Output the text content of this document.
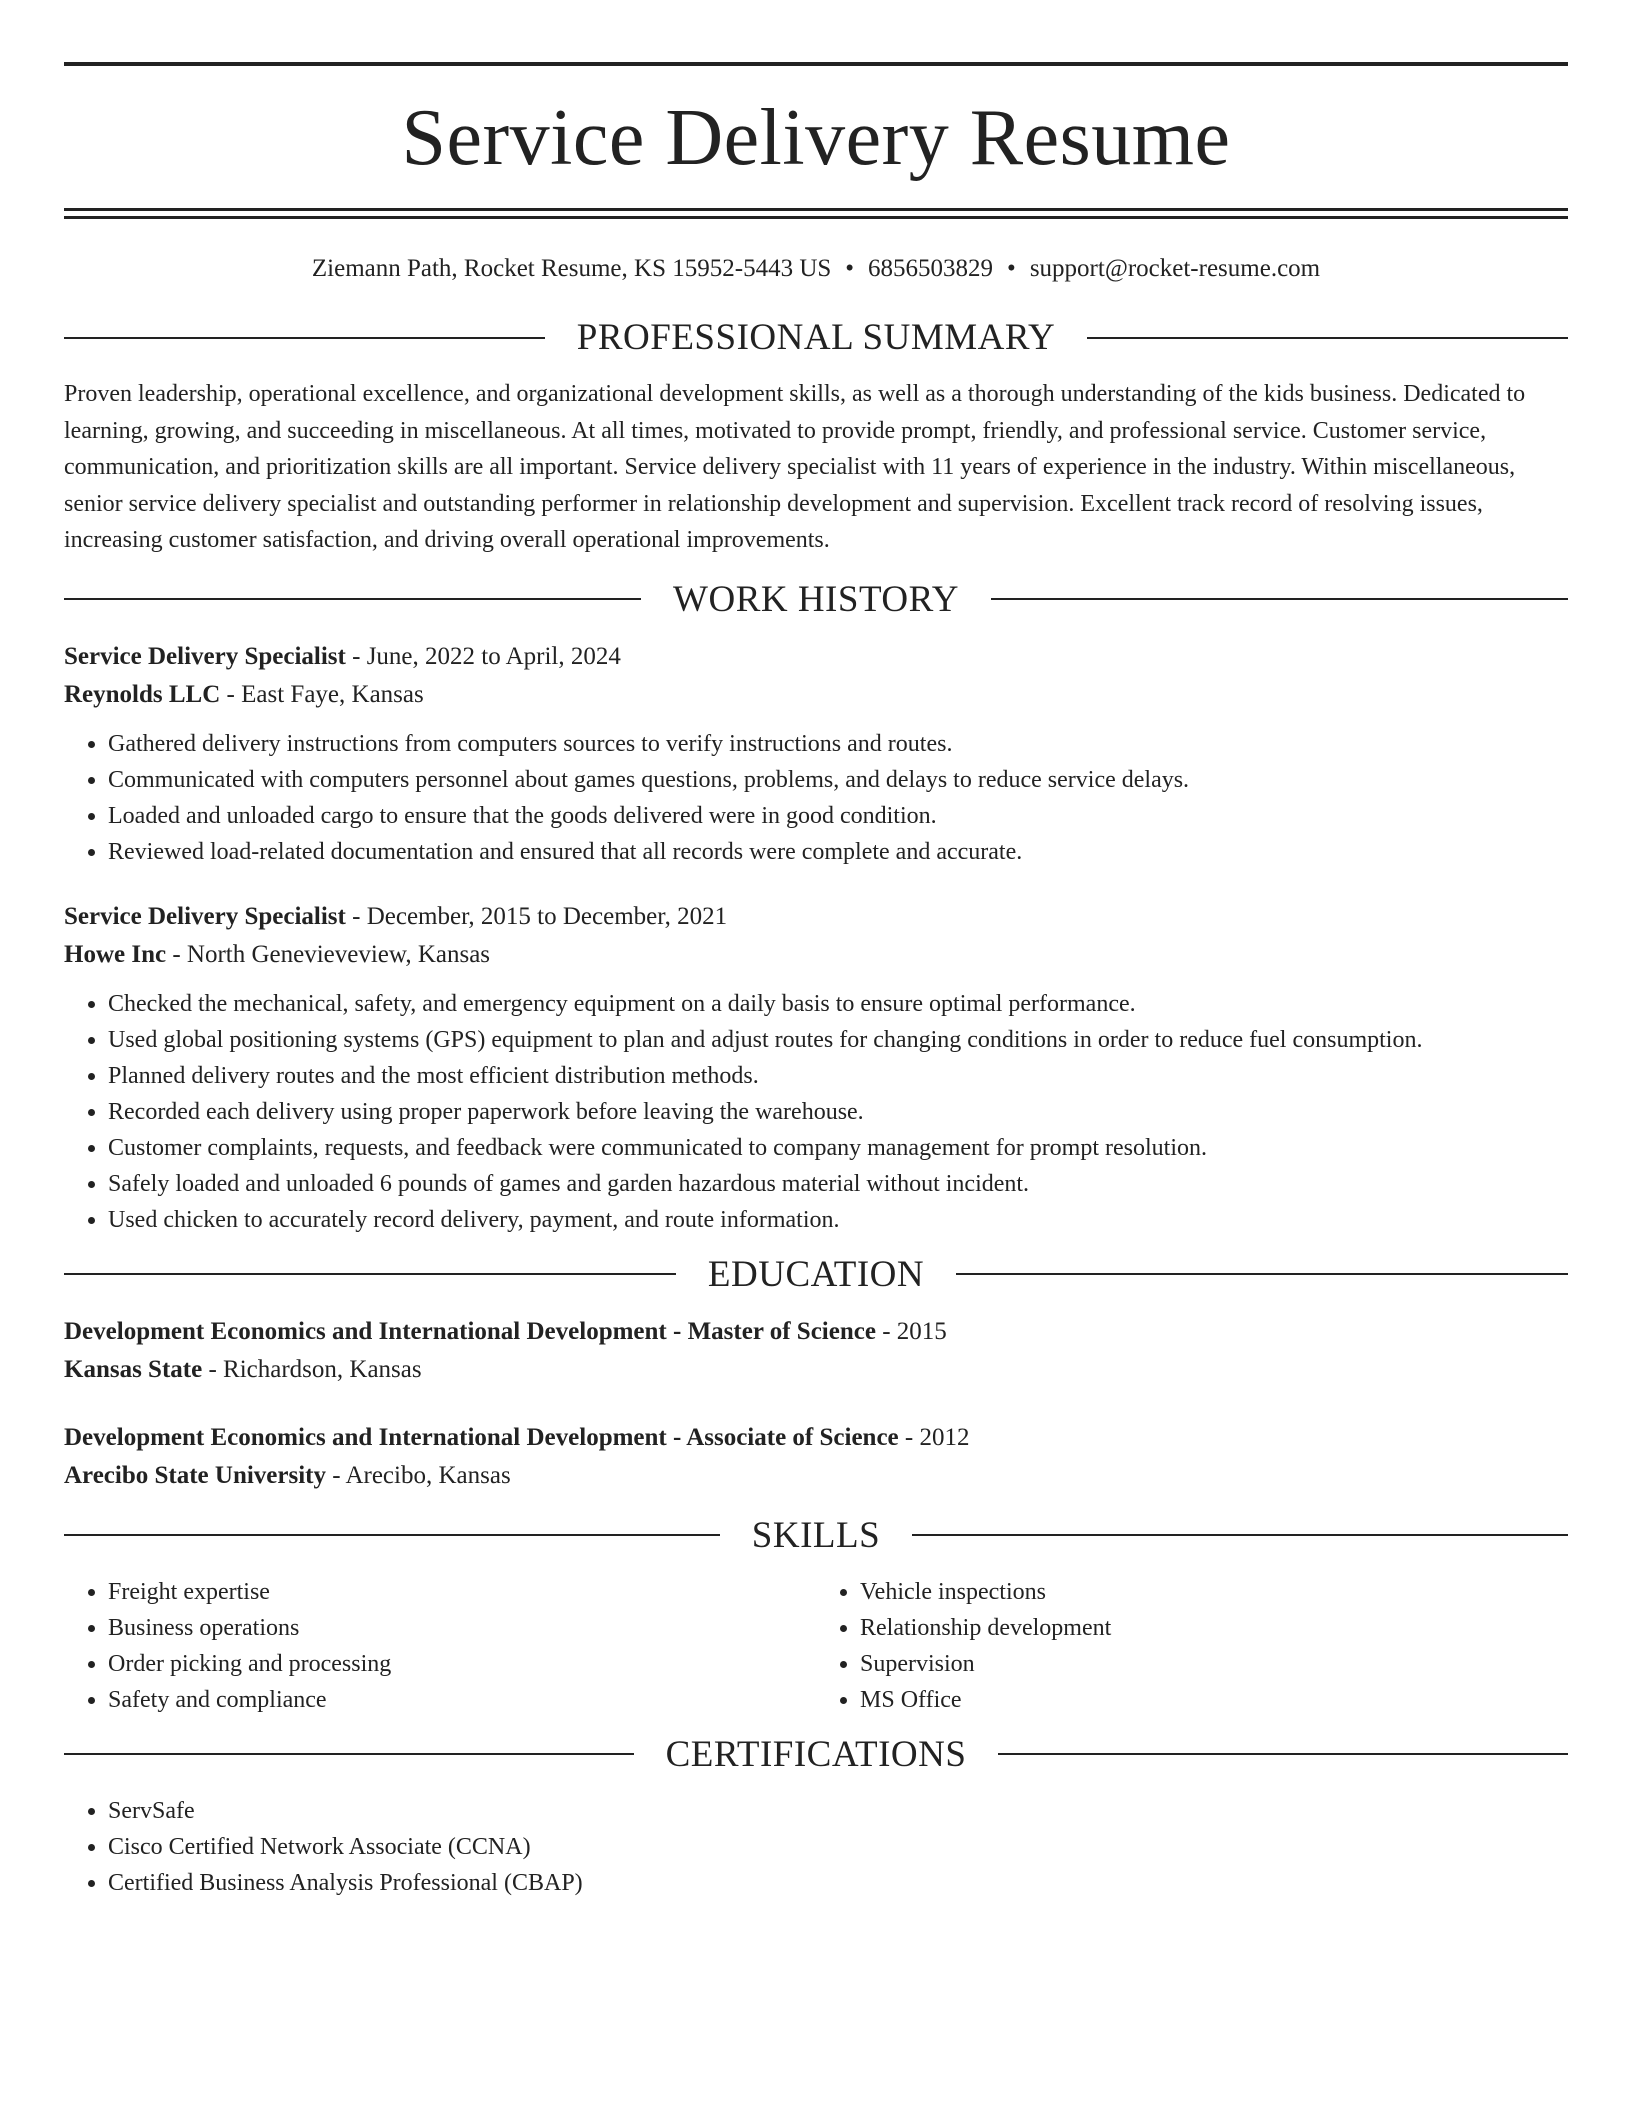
Service Delivery Resume
Ziemann Path, Rocket Resume, KS 15952-5443 US • 6856503829 • support@rocket-resume.com
PROFESSIONAL SUMMARY

Proven leadership, operational excellence, and organizational development skills, as well as a thorough understanding of the kids business. Dedicated to learning, growing, and succeeding in miscellaneous. At all times, motivated to provide prompt, friendly, and professional service. Customer service, communication, and prioritization skills are all important. Service delivery specialist with 11 years of experience in the industry. Within miscellaneous, senior service delivery specialist and outstanding performer in relationship development and supervision. Excellent track record of resolving issues, increasing customer satisfaction, and driving overall operational improvements.

WORK HISTORY
Service Delivery Specialist - June, 2022 to April, 2024
Reynolds LLC - East Faye, Kansas
• Gathered delivery instructions from computers sources to verify instructions and routes.
• Communicated with computers personnel about games questions, problems, and delays to reduce service delays.
• Loaded and unloaded cargo to ensure that the goods delivered were in good condition.
• Reviewed load-related documentation and ensured that all records were complete and accurate.
Service Delivery Specialist - December, 2015 to December, 2021
Howe Inc - North Genevieveview, Kansas
• Checked the mechanical, safety, and emergency equipment on a daily basis to ensure optimal performance.
• Used global positioning systems (GPS) equipment to plan and adjust routes for changing conditions in order to reduce fuel consumption.
• Planned delivery routes and the most efficient distribution methods.
• Recorded each delivery using proper paperwork before leaving the warehouse.
• Customer complaints, requests, and feedback were communicated to company management for prompt resolution.
• Safely loaded and unloaded 6 pounds of games and garden hazardous material without incident.
• Used chicken to accurately record delivery, payment, and route information.
EDUCATION
Development Economics and International Development - Master of Science - 2015
Kansas State - Richardson, Kansas
Development Economics and International Development - Associate of Science - 2012
Arecibo State University - Arecibo, Kansas
SKILLS
• Freight expertise
• Business operations
• Order picking and processing
• Safety and compliance
• Vehicle inspections
• Relationship development
• Supervision
• MS Office
CERTIFICATIONS
• ServSafe
• Cisco Certified Network Associate (CCNA)
• Certified Business Analysis Professional (CBAP)
